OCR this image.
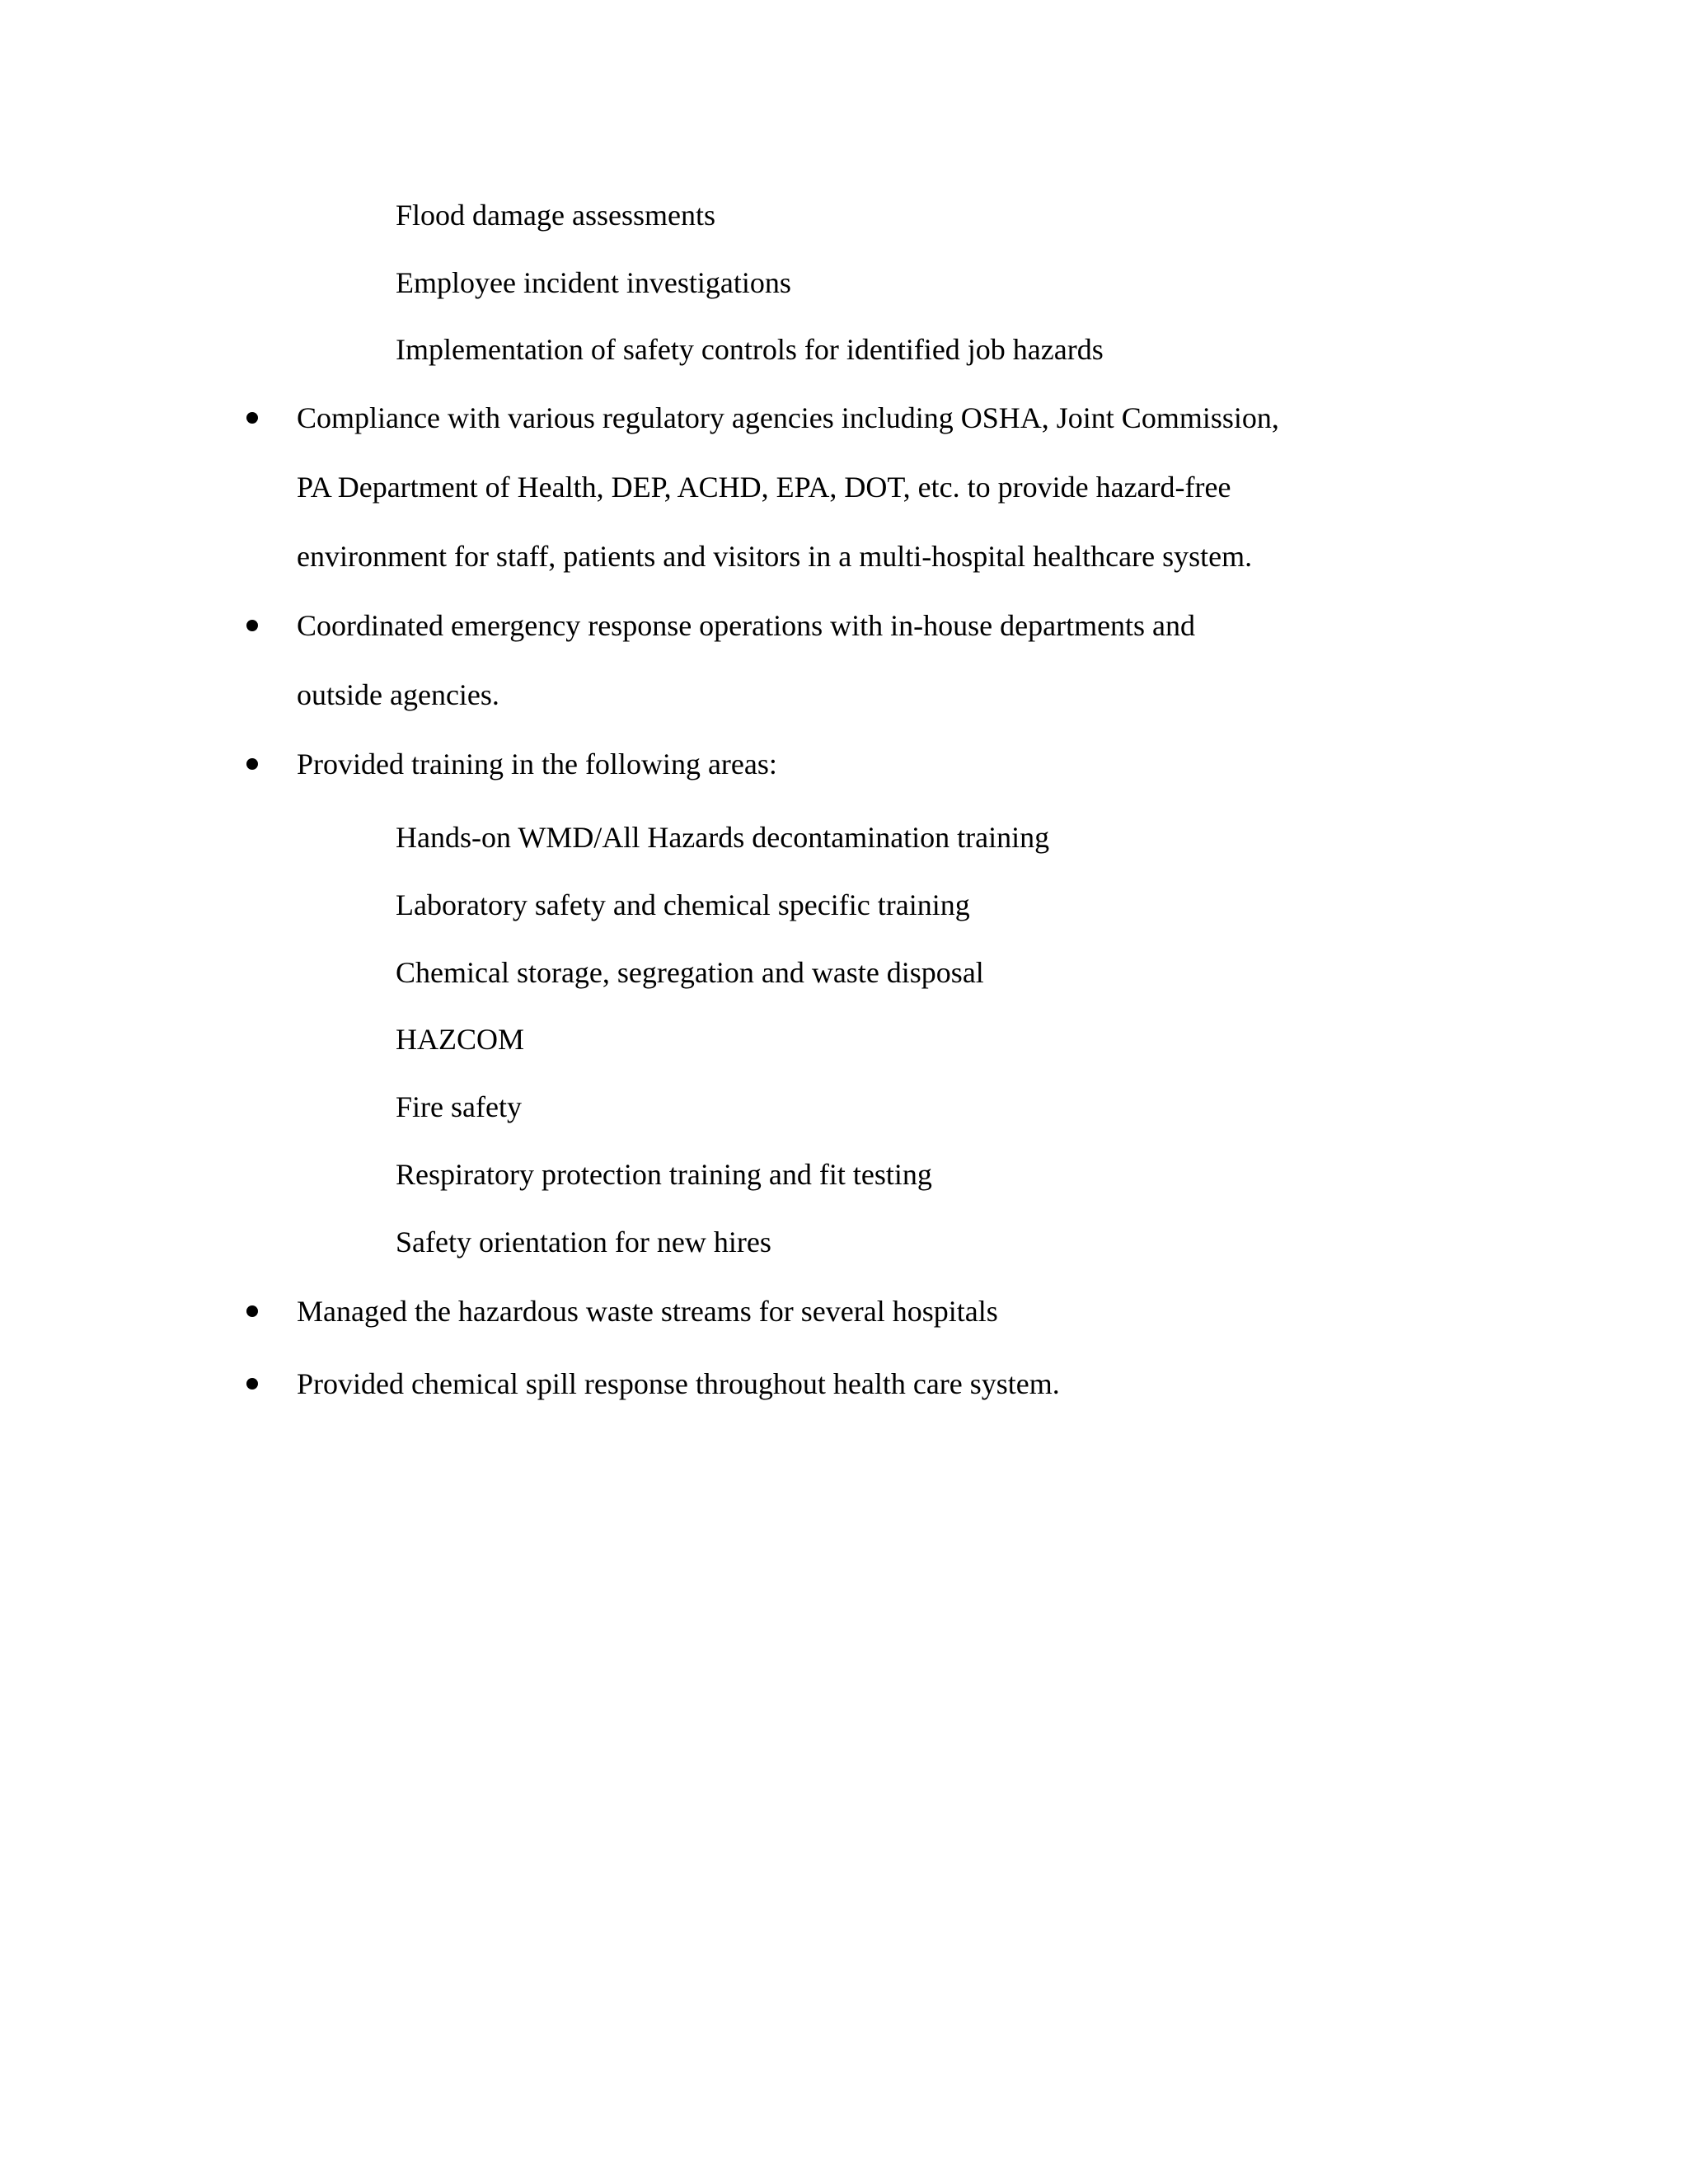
Flood damage assessments
Employee incident investigations
Implementation of safety controls for identified job hazards
Compliance with various regulatory agencies including OSHA, Joint Commission,
PA Department of Health, DEP, ACHD, EPA, DOT, etc. to provide hazard-free
environment for staff, patients and visitors in a multi-hospital healthcare system.
Coordinated emergency response operations with in-house departments and
outside agencies.
Provided training in the following areas:
Hands-on WMD/All Hazards decontamination training
Laboratory safety and chemical specific training
Chemical storage, segregation and waste disposal
HAZCOM
Fire safety
Respiratory protection training and fit testing
Safety orientation for new hires
Managed the hazardous waste streams for several hospitals
Provided chemical spill response throughout health care system.
